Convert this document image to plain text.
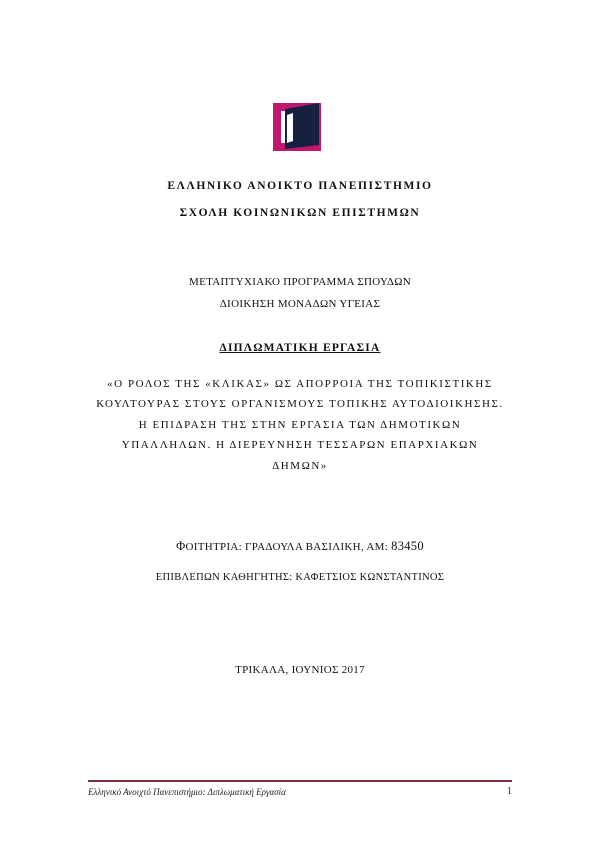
ΕΛΛΗΝΙΚΟ ΑΝΟΙΚΤΟ ΠΑΝΕΠΙΣΤΗΜΙΟ
ΣΧΟΛΗ ΚΟΙΝΩΝΙΚΩΝ ΕΠΙΣΤΗΜΩΝ
ΜΕΤΑΠΤΥΧΙΑΚΟ ΠΡΟΓΡΑΜΜΑ ΣΠΟΥΔΩΝ
ΔΙΟΙΚΗΣΗ ΜΟΝΑΔΩΝ ΥΓΕΙΑΣ
ΔΙΠΛΩΜΑΤΙΚΗ ΕΡΓΑΣΙΑ
«Ο ΡΟΛΟΣ ΤΗΣ «ΚΛΙΚΑΣ» ΩΣ ΑΠΟΡΡΟΙΑ ΤΗΣ ΤΟΠΙΚΙΣΤΙΚΗΣ ΚΟΥΛΤΟΥΡΑΣ ΣΤΟΥΣ ΟΡΓΑΝΙΣΜΟΥΣ ΤΟΠΙΚΗΣ ΑΥΤΟΔΙΟΙΚΗΣΗΣ. Η ΕΠΙΔΡΑΣΗ ΤΗΣ ΣΤΗΝ ΕΡΓΑΣΙΑ ΤΩΝ ΔΗΜΟΤΙΚΩΝ ΥΠΑΛΛΗΛΩΝ. Η ΔΙΕΡΕΥΝΗΣΗ ΤΕΣΣΑΡΩΝ ΕΠΑΡΧΙΑΚΩΝ ΔΗΜΩΝ»
ΦΟΙΤΗΤΡΙΑ: ΓΡΑΔΟΥΛΑ ΒΑΣΙΛΙΚΗ, ΑΜ: 83450
ΕΠΙΒΛΕΠΩΝ ΚΑΘΗΓΗΤΗΣ: ΚΑΦΕΤΣΙΟΣ ΚΩΝΣΤΑΝΤΙΝΟΣ
ΤΡΙΚΑΛΑ, ΙΟΥΝΙΟΣ 2017
Ελληνικό Ανοιχτό Πανεπιστήμιο: Διπλωματική Εργασία	1
